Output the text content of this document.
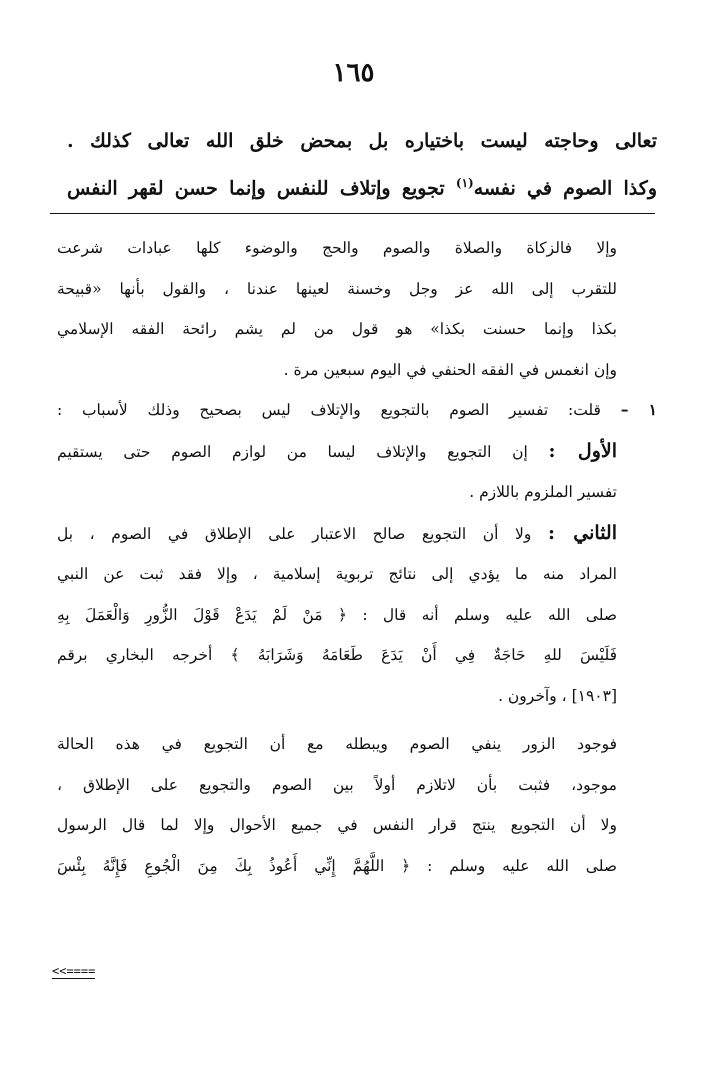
١٦٥

تعالى وحاجته ليست باختياره بل بمحض خلق الله تعالى كذلك .

وكذا الصوم في نفسه$^{(١)}$ تجويع وإتلاف للنفس وإنما حسن لقهر النفس

وإلا فالزكاة والصلاة والصوم والحج والوضوء كلها عبادات شرعت

للتقرب إلى الله عز وجل وخسنة لعينها عندنا ، والقول بأنها «قبيحة

بكذا وإنما حسنت بكذا» هو قول من لم يشم رائحة الفقه الإسلامي

وإن انغمس في الفقه الحنفي في اليوم سبعين مرة .

١ – قلت: تفسير الصوم بالتجويع والإتلاف ليس بصحيح وذلك لأسباب :

الأول : إن التجويع والإتلاف ليسا من لوازم الصوم حتى يستقيم

تفسير الملزوم باللازم .

الثاني : ولا أن التجويع صالح الاعتبار على الإطلاق في الصوم ، بل

المراد منه ما يؤدي إلى نتائج تربوية إسلامية ، وإلا فقد ثبت عن النبي

صلى الله عليه وسلم أنه قال : ﴿ مَنْ لَمْ يَدَعْ قَوْلَ الزُّورِ وَالْعَمَلَ بِهِ

فَلَيْسَ للهِ حَاجَةٌ فِي أَنْ يَدَعَ طَعَامَهُ وَشَرَابَهُ ﴾ أخرجه البخاري برقم

[١٩٠٣] ، وآخرون .

فوجود الزور ينفي الصوم ويبطله مع أن التجويع في هذه الحالة

موجود، فثبت بأن لاتلازم أولاً بين الصوم والتجويع على الإطلاق ،

ولا أن التجويع ينتج قرار النفس في جميع الأحوال وإلا لما قال الرسول

صلى الله عليه وسلم : ﴿ اللَّهُمَّ إِنِّي أَعُوذُ بِكَ مِنَ الْجُوعِ فَإِنَّهُ بِئْسَ

<<====
